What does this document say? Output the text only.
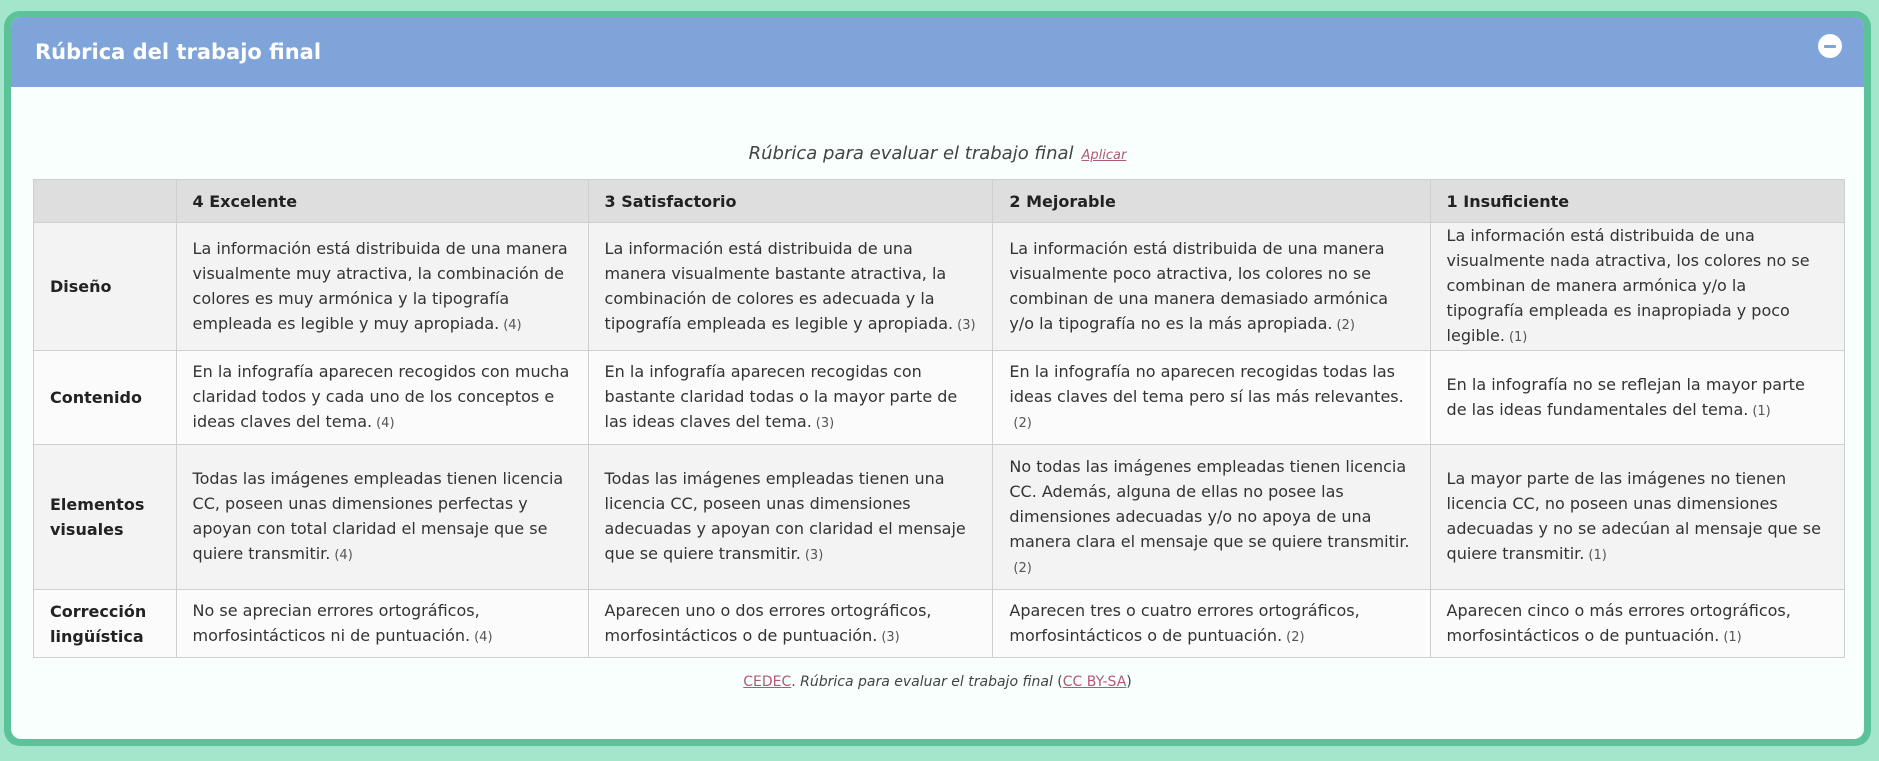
Rúbrica del trabajo final
Rúbrica para evaluar el trabajo final Aplicar
	4 Excelente	3 Satisfactorio	2 Mejorable	1 Insuficiente
Diseño	La información está distribuida de una manera visualmente muy atractiva, la combinación de colores es muy armónica y la tipografía empleada es legible y muy apropiada. (4)	La información está distribuida de una manera visualmente bastante atractiva, la combinación de colores es adecuada y la tipografía empleada es legible y apropiada. (3)	La información está distribuida de una manera visualmente poco atractiva, los colores no se combinan de una manera demasiado armónica y/o la tipografía no es la más apropiada. (2)	La información está distribuida de una visualmente nada atractiva, los colores no se combinan de manera armónica y/o la tipografía empleada es inapropiada y poco legible. (1)
Contenido	En la infografía aparecen recogidos con mucha claridad todos y cada uno de los conceptos e ideas claves del tema. (4)	En la infografía aparecen recogidas con bastante claridad todas o la mayor parte de las ideas claves del tema. (3)	En la infografía no aparecen recogidas todas las ideas claves del tema pero sí las más relevantes.(2)	En la infografía no se reflejan la mayor parte de las ideas fundamentales del tema. (1)
Elementos visuales	Todas las imágenes empleadas tienen licencia CC, poseen unas dimensiones perfectas y apoyan con total claridad el mensaje que se quiere transmitir. (4)	Todas las imágenes empleadas tienen una licencia CC, poseen unas dimensiones adecuadas y apoyan con claridad el mensaje que se quiere transmitir. (3)	No todas las imágenes empleadas tienen licencia CC. Además, alguna de ellas no posee las dimensiones adecuadas y/o no apoya de una manera clara el mensaje que se quiere transmitir.(2)	La mayor parte de las imágenes no tienen licencia CC, no poseen unas dimensiones adecuadas y no se adecúan al mensaje que se quiere transmitir. (1)
Corrección lingüística	No se aprecian errores ortográficos, morfosintácticos ni de puntuación. (4)	Aparecen uno o dos errores ortográficos, morfosintácticos o de puntuación. (3)	Aparecen tres o cuatro errores ortográficos, morfosintácticos o de puntuación. (2)	Aparecen cinco o más errores ortográficos, morfosintácticos o de puntuación. (1)
CEDEC. Rúbrica para evaluar el trabajo final (CC BY-SA)
